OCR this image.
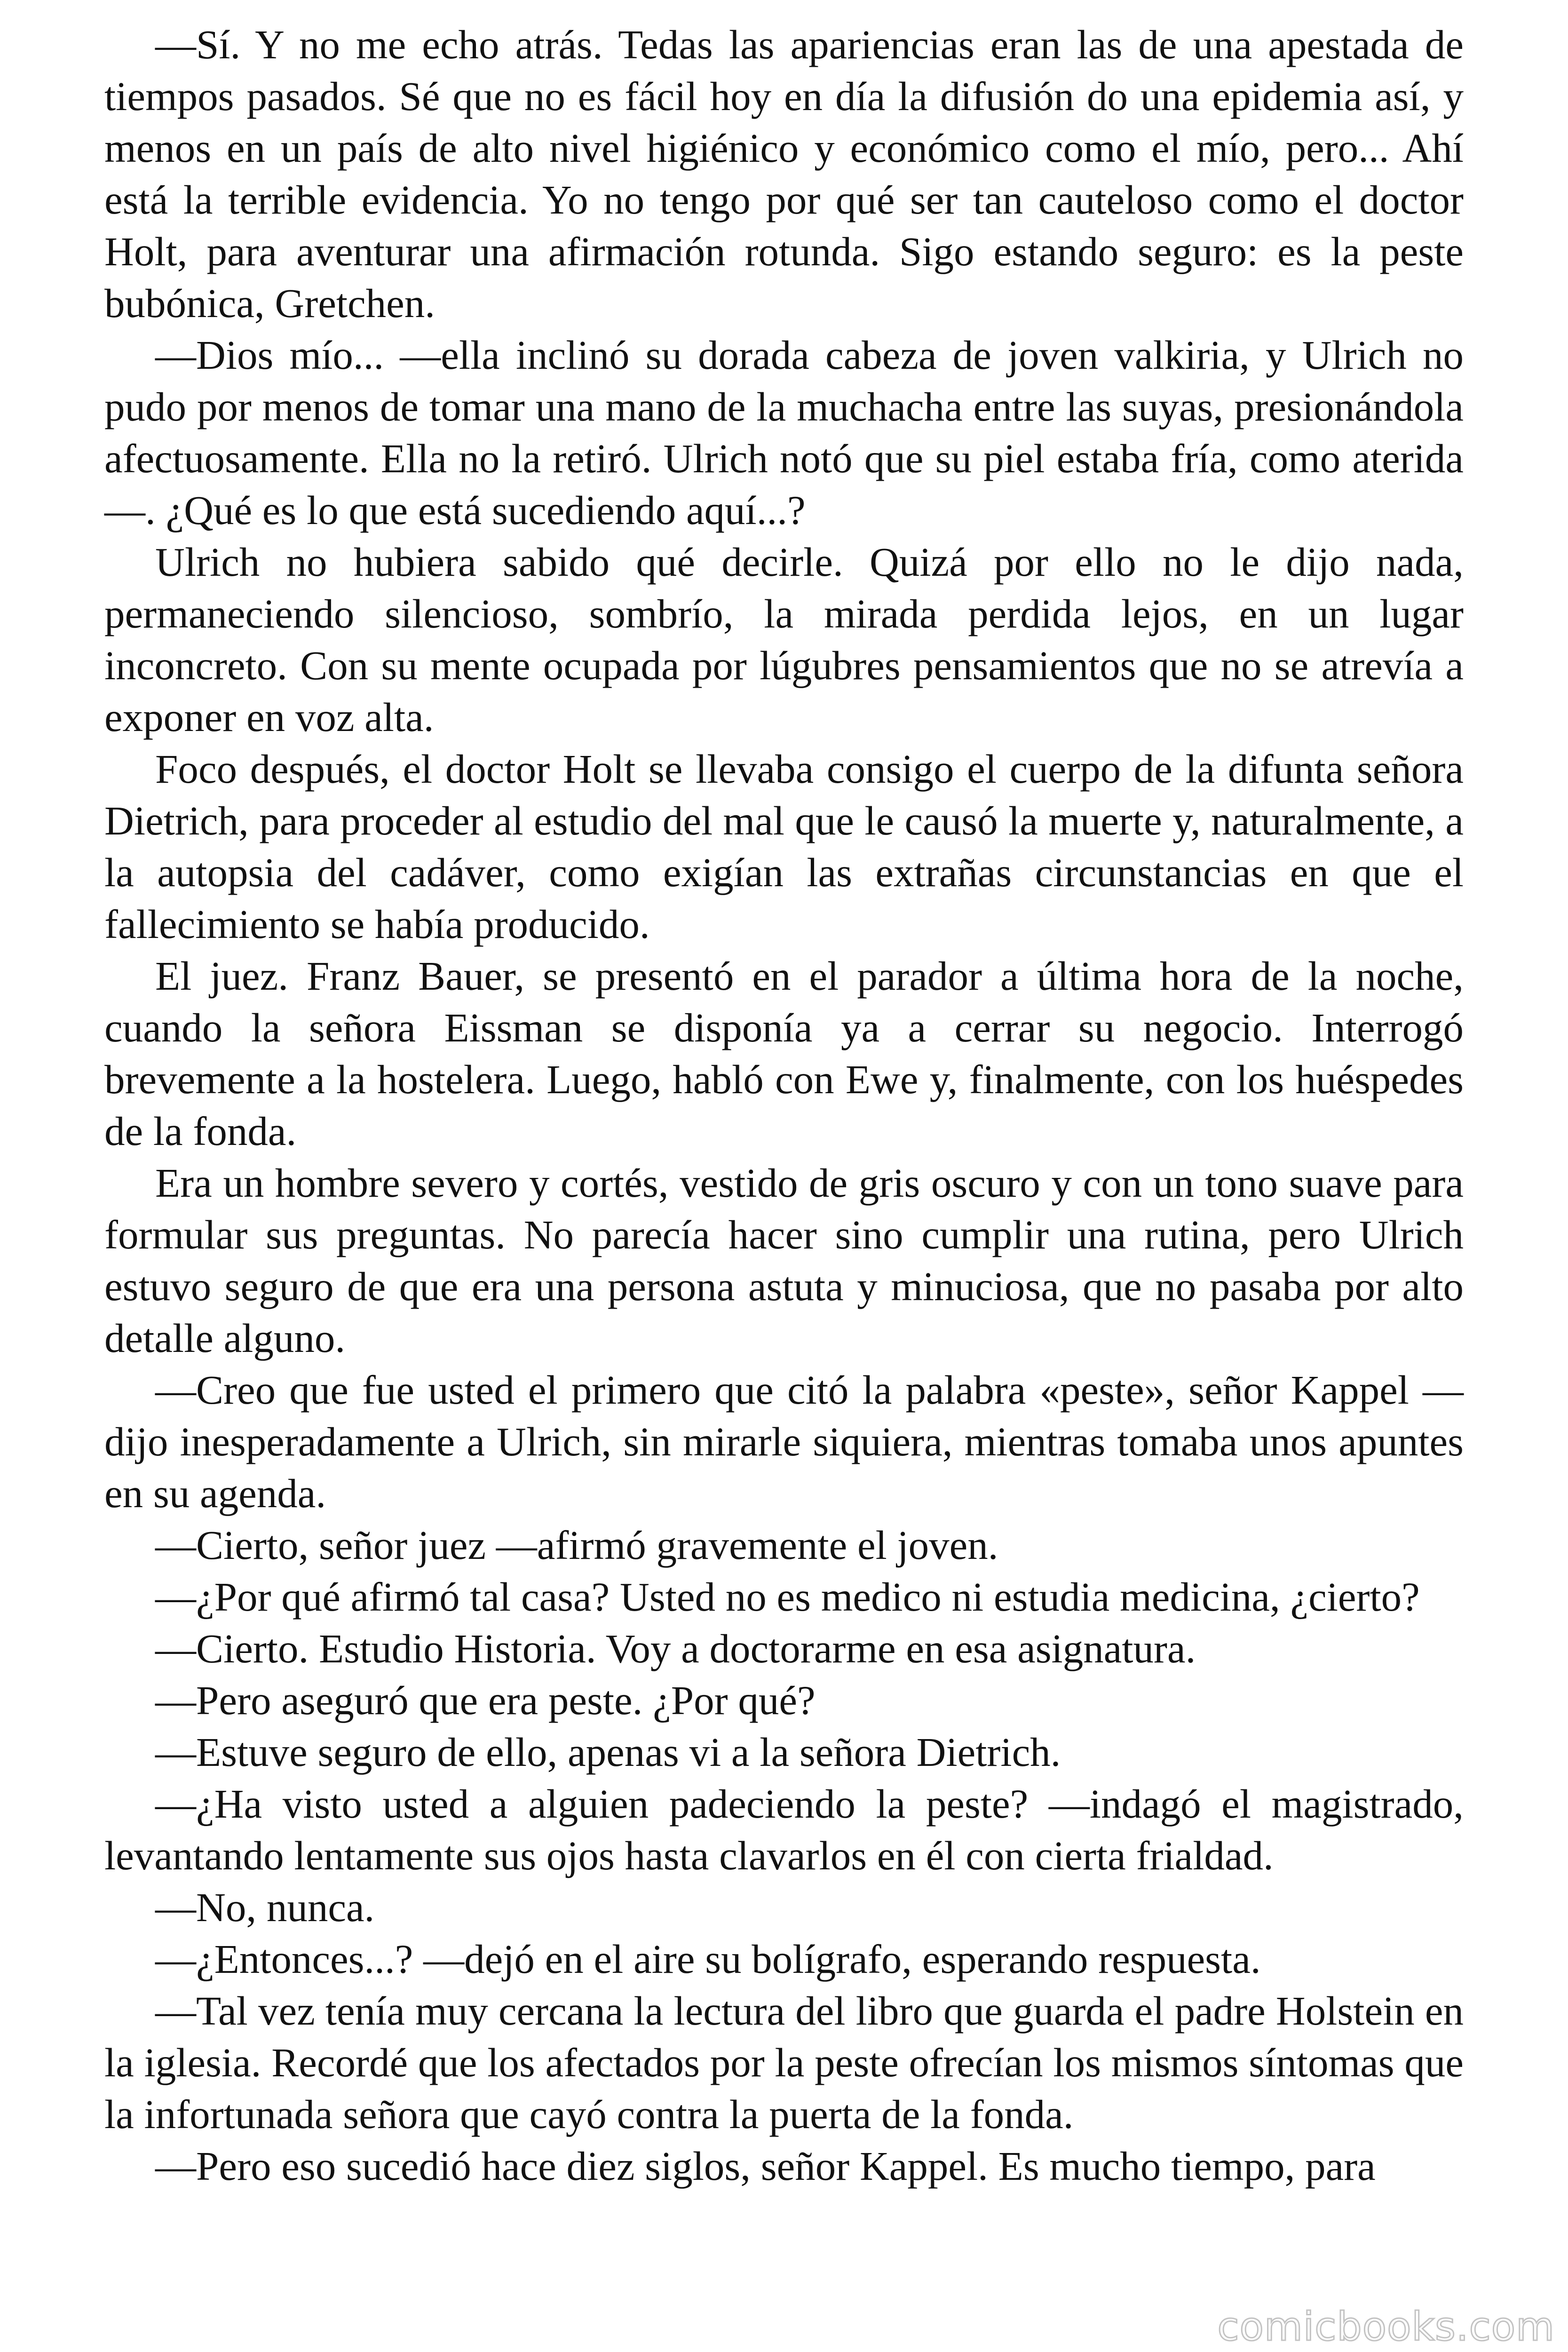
—Sí. Y no me echo atrás. Tedas las apariencias eran las de una apestada de tiempos pasados. Sé que no es fácil hoy en día la difusión do una epidemia así, y menos en un país de alto nivel higiénico y económico como el mío, pero... Ahí está la terrible evidencia. Yo no tengo por qué ser tan cauteloso como el doctor Holt, para aventurar una afirmación rotunda. Sigo estando seguro: es la peste bubónica, Gretchen.

—Dios mío... —ella inclinó su dorada cabeza de joven valkiria, y Ulrich no pudo por menos de tomar una mano de la muchacha entre las suyas, presionándola afectuosamente. Ella no la retiró. Ulrich notó que su piel estaba fría, como aterida—. ¿Qué es lo que está sucediendo aquí...?

Ulrich no hubiera sabido qué decirle. Quizá por ello no le dijo nada, permaneciendo silencioso, sombrío, la mirada perdida lejos, en un lugar inconcreto. Con su mente ocupada por lúgubres pensamientos que no se atrevía a exponer en voz alta.

Foco después, el doctor Holt se llevaba consigo el cuerpo de la difunta señora Dietrich, para proceder al estudio del mal que le causó la muerte y, naturalmente, a la autopsia del cadáver, como exigían las extrañas circunstancias en que el fallecimiento se había producido.

El juez. Franz Bauer, se presentó en el parador a última hora de la noche, cuando la señora Eissman se disponía ya a cerrar su negocio. Interrogó brevemente a la hostelera. Luego, habló con Ewe y, finalmente, con los huéspedes de la fonda.

Era un hombre severo y cortés, vestido de gris oscuro y con un tono suave para formular sus preguntas. No parecía hacer sino cumplir una rutina, pero Ulrich estuvo seguro de que era una persona astuta y minuciosa, que no pasaba por alto detalle alguno.

—Creo que fue usted el primero que citó la palabra «peste», señor Kappel —dijo inesperadamente a Ulrich, sin mirarle siquiera, mientras tomaba unos apuntes en su agenda.

—Cierto, señor juez —afirmó gravemente el joven.

—¿Por qué afirmó tal casa? Usted no es medico ni estudia medicina, ¿cierto?

—Cierto. Estudio Historia. Voy a doctorarme en esa asignatura.

—Pero aseguró que era peste. ¿Por qué?

—Estuve seguro de ello, apenas vi a la señora Dietrich.

—¿Ha visto usted a alguien padeciendo la peste? —indagó el magistrado, levantando lentamente sus ojos hasta clavarlos en él con cierta frialdad.

—No, nunca.

—¿Entonces...? —dejó en el aire su bolígrafo, esperando respuesta.

—Tal vez tenía muy cercana la lectura del libro que guarda el padre Holstein en la iglesia. Recordé que los afectados por la peste ofrecían los mismos síntomas que la infortunada señora que cayó contra la puerta de la fonda.

—Pero eso sucedió hace diez siglos, señor Kappel. Es mucho tiempo, para

comicbooks.com
